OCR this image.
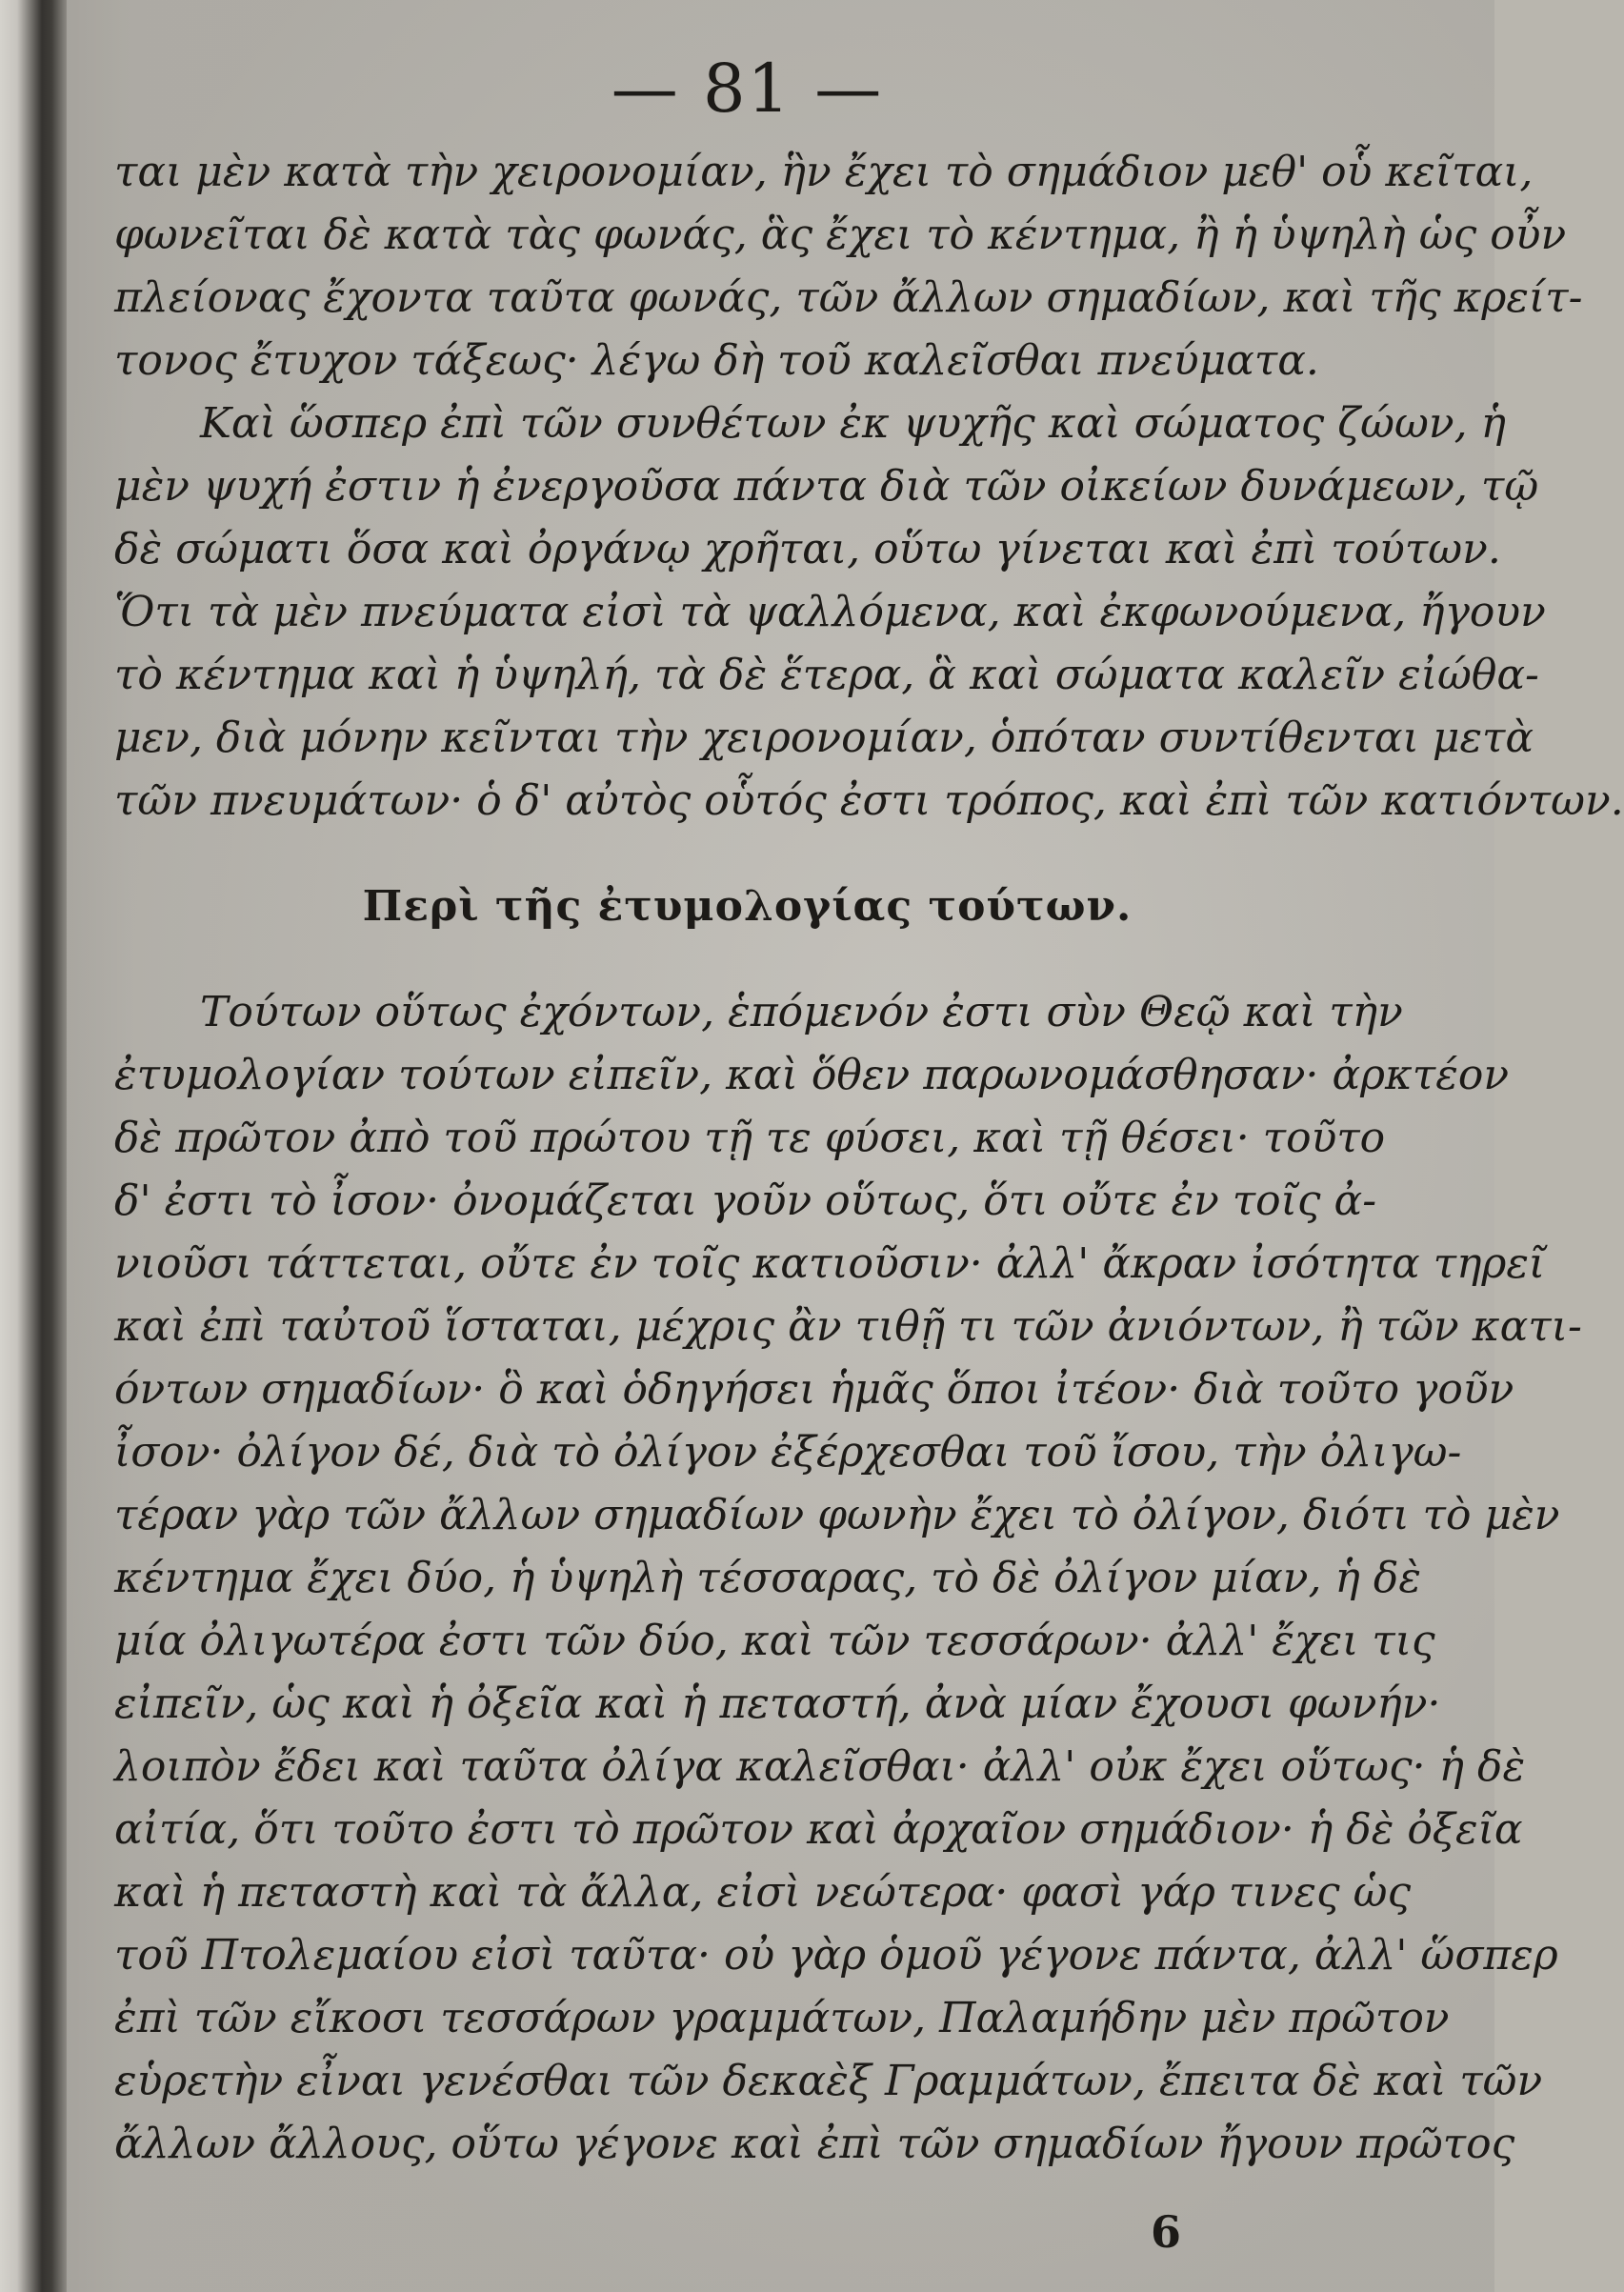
— 81 —
ται μὲν κατὰ τὴν χειρονομίαν, ἣν ἔχει τὸ σημάδιον μεθ' οὗ κεῖται,
φωνεῖται δὲ κατὰ τὰς φωνάς, ἃς ἔχει τὸ κέντημα, ἢ ἡ ὑψηλὴ ὡς οὖν
πλείονας ἔχοντα ταῦτα φωνάς, τῶν ἄλλων σημαδίων, καὶ τῆς κρείτ-
τονος ἔτυχον τάξεως· λέγω δὴ τοῦ καλεῖσθαι πνεύματα.
Καὶ ὥσπερ ἐπὶ τῶν συνθέτων ἐκ ψυχῆς καὶ σώματος ζώων, ἡ
μὲν ψυχή ἐστιν ἡ ἐνεργοῦσα πάντα διὰ τῶν οἰκείων δυνάμεων, τῷ
δὲ σώματι ὅσα καὶ ὀργάνῳ χρῆται, οὕτω γίνεται καὶ ἐπὶ τούτων.
Ὅτι τὰ μὲν πνεύματα εἰσὶ τὰ ψαλλόμενα, καὶ ἐκφωνούμενα, ἤγουν
τὸ κέντημα καὶ ἡ ὑψηλή, τὰ δὲ ἕτερα, ἃ καὶ σώματα καλεῖν εἰώθα-
μεν, διὰ μόνην κεῖνται τὴν χειρονομίαν, ὁπόταν συντίθενται μετὰ
τῶν πνευμάτων· ὁ δ' αὐτὸς οὗτός ἐστι τρόπος, καὶ ἐπὶ τῶν κατιόντων.
Περὶ τῆς ἐτυμολογίας τούτων.
Τούτων οὕτως ἐχόντων, ἑπόμενόν ἐστι σὺν Θεῷ καὶ τὴν
ἐτυμολογίαν τούτων εἰπεῖν, καὶ ὅθεν παρωνομάσθησαν· ἀρκτέον
δὲ πρῶτον ἀπὸ τοῦ πρώτου τῇ τε φύσει, καὶ τῇ θέσει· τοῦτο
δ' ἐστι τὸ ἶσον· ὀνομάζεται γοῦν οὕτως, ὅτι οὔτε ἐν τοῖς ἀ-
νιοῦσι τάττεται, οὔτε ἐν τοῖς κατιοῦσιν· ἀλλ' ἄκραν ἰσότητα τηρεῖ
καὶ ἐπὶ ταὐτοῦ ἵσταται, μέχρις ἂν τιθῇ τι τῶν ἀνιόντων, ἢ τῶν κατι-
όντων σημαδίων· ὃ καὶ ὁδηγήσει ἡμᾶς ὅποι ἰτέον· διὰ τοῦτο γοῦν
ἶσον· ὀλίγον δέ, διὰ τὸ ὀλίγον ἐξέρχεσθαι τοῦ ἴσου, τὴν ὀλιγω-
τέραν γὰρ τῶν ἄλλων σημαδίων φωνὴν ἔχει τὸ ὀλίγον, διότι τὸ μὲν
κέντημα ἔχει δύο, ἡ ὑψηλὴ τέσσαρας, τὸ δὲ ὀλίγον μίαν, ἡ δὲ
μία ὀλιγωτέρα ἐστι τῶν δύο, καὶ τῶν τεσσάρων· ἀλλ' ἔχει τις
εἰπεῖν, ὡς καὶ ἡ ὀξεῖα καὶ ἡ πεταστή, ἀνὰ μίαν ἔχουσι φωνήν·
λοιπὸν ἔδει καὶ ταῦτα ὀλίγα καλεῖσθαι· ἀλλ' οὐκ ἔχει οὕτως· ἡ δὲ
αἰτία, ὅτι τοῦτο ἐστι τὸ πρῶτον καὶ ἀρχαῖον σημάδιον· ἡ δὲ ὀξεῖα
καὶ ἡ πεταστὴ καὶ τὰ ἄλλα, εἰσὶ νεώτερα· φασὶ γάρ τινες ὡς
τοῦ Πτολεμαίου εἰσὶ ταῦτα· οὐ γὰρ ὁμοῦ γέγονε πάντα, ἀλλ' ὥσπερ
ἐπὶ τῶν εἴκοσι τεσσάρων γραμμάτων, Παλαμήδην μὲν πρῶτον
εὑρετὴν εἶναι γενέσθαι τῶν δεκαὲξ Γραμμάτων, ἔπειτα δὲ καὶ τῶν
ἄλλων ἄλλους, οὕτω γέγονε καὶ ἐπὶ τῶν σημαδίων ἤγουν πρῶτος
6
